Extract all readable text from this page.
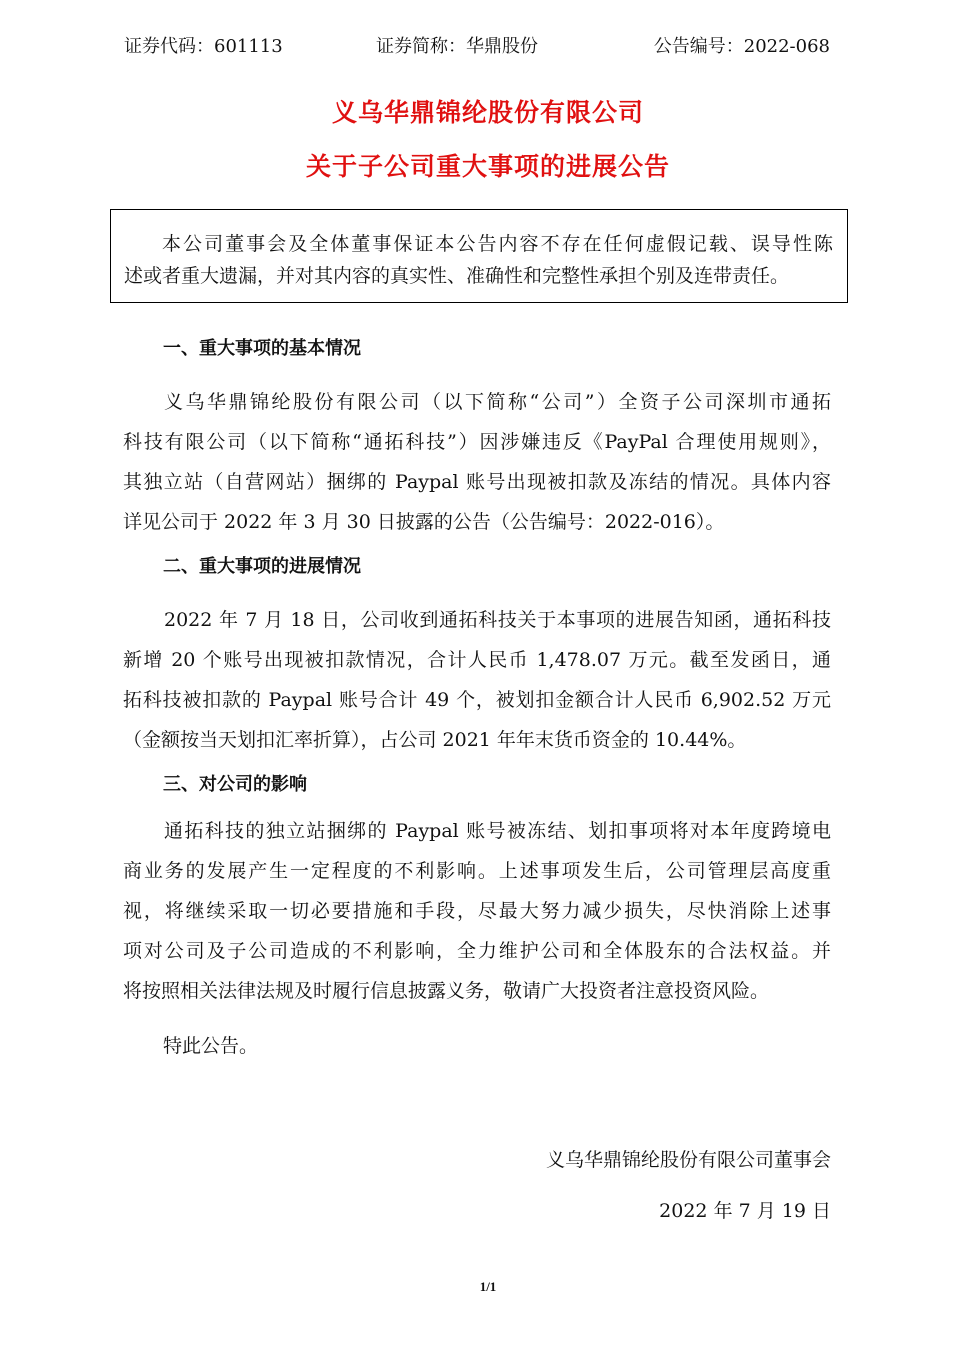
证券代码：601113	证券简称：华鼎股份	公告编号：2022-068
义乌华鼎锦纶股份有限公司
关于子公司重大事项的进展公告

本公司董事会及全体董事保证本公告内容不存在任何虚假记载、误导性陈
述或者重大遗漏，并对其内容的真实性、准确性和完整性承担个别及连带责任。

一、重大事项的基本情况
义乌华鼎锦纶股份有限公司（以下简称“公司”）全资子公司深圳市通拓
科技有限公司（以下简称“通拓科技”）因涉嫌违反《PayPal 合理使用规则》，
其独立站（自营网站）捆绑的 Paypal 账号出现被扣款及冻结的情况。具体内容
详见公司于 2022 年 3 月 30 日披露的公告（公告编号：2022-016）。
二、重大事项的进展情况
2022 年 7 月 18 日，公司收到通拓科技关于本事项的进展告知函，通拓科技
新增 20 个账号出现被扣款情况，合计人民币 1,478.07 万元。截至发函日，通
拓科技被扣款的 Paypal 账号合计 49 个，被划扣金额合计人民币 6,902.52 万元
（金额按当天划扣汇率折算），占公司 2021 年年末货币资金的 10.44%。
三、对公司的影响
通拓科技的独立站捆绑的 Paypal 账号被冻结、划扣事项将对本年度跨境电
商业务的发展产生一定程度的不利影响。上述事项发生后，公司管理层高度重
视，将继续采取一切必要措施和手段，尽最大努力减少损失，尽快消除上述事
项对公司及子公司造成的不利影响，全力维护公司和全体股东的合法权益。并
将按照相关法律法规及时履行信息披露义务，敬请广大投资者注意投资风险。
特此公告。
义乌华鼎锦纶股份有限公司董事会
2022 年 7 月 19 日
1/1
